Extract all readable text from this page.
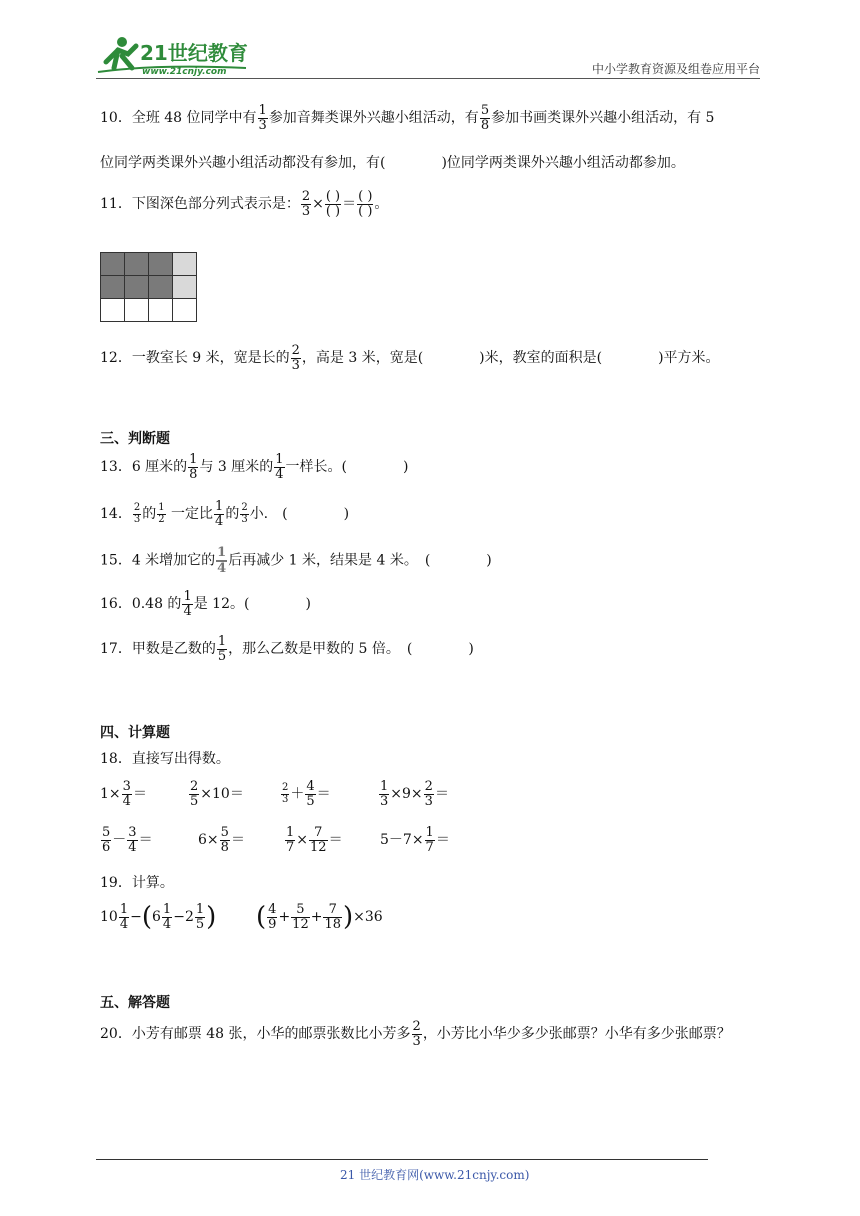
21世纪教育
www.21cnjy.com	中小学教育资源及组卷应用平台
10．全班 48 位同学中有 $\frac{1}{3}$ 参加音舞类课外兴趣小组活动，有 $\frac{5}{8}$ 参加书画类课外兴趣小组活动，有 5
位同学两类课外兴趣小组活动都没有参加，有(　　　　)位同学两类课外兴趣小组活动都参加。
11．下图深色部分列式表示是： $\frac{2}{3} \times \frac{( )}{( )} = \frac{( )}{( )}$ 。

12．一教室长 9 米，宽是长的 $\frac{2}{3}$ ，高是 3 米，宽是(　　　　)米，教室的面积是(　　　　)平方米。
三、判断题
13．6 厘米的 $\frac{1}{8}$ 与 3 厘米的 $\frac{1}{4}$ 一样长。(　　　　)
14． $\frac{2}{3}$ 的 $\frac{1}{2}$ 一定比 $\frac{1}{4}$ 的 $\frac{2}{3}$ 小.　(　　　　)
15．4 米增加它的 $\frac{1}{4}$ 后再减少 1 米，结果是 4 米。　(　　　　)
16．0.48 的 $\frac{1}{4}$ 是 12。(　　　　)
17．甲数是乙数的 $\frac{1}{5}$ ，那么乙数是甲数的 5 倍。　(　　　　)
四、计算题
18．直接写出得数。
$1\times \frac{3}{4}$ ＝	$\frac{2}{5} \times 10=$	$\frac{2}{3} + \frac{4}{5}$ ＝	$\frac{1}{3} \times 9\times \frac{2}{3}$ ＝
$\frac{5}{6} - \frac{3}{4}$ ＝	$6\times \frac{5}{8}$ ＝	$\frac{1}{7} \times \frac{7}{12}$ ＝	$5-7\times \frac{1}{7}$ ＝
19．计算。
$10 \frac{1}{4} -(6 \frac{1}{4} -2 \frac{1}{5}$ ) ( $\frac{4}{9} + \frac{5}{12} + \frac{7}{18} )\times 36$
五、解答题
20．小芳有邮票 48 张，小华的邮票张数比小芳多 $\frac{2}{3}$ ，小芳比小华少多少张邮票？小华有多少张邮票？
21 世纪教育网(www.21cnjy.com)
